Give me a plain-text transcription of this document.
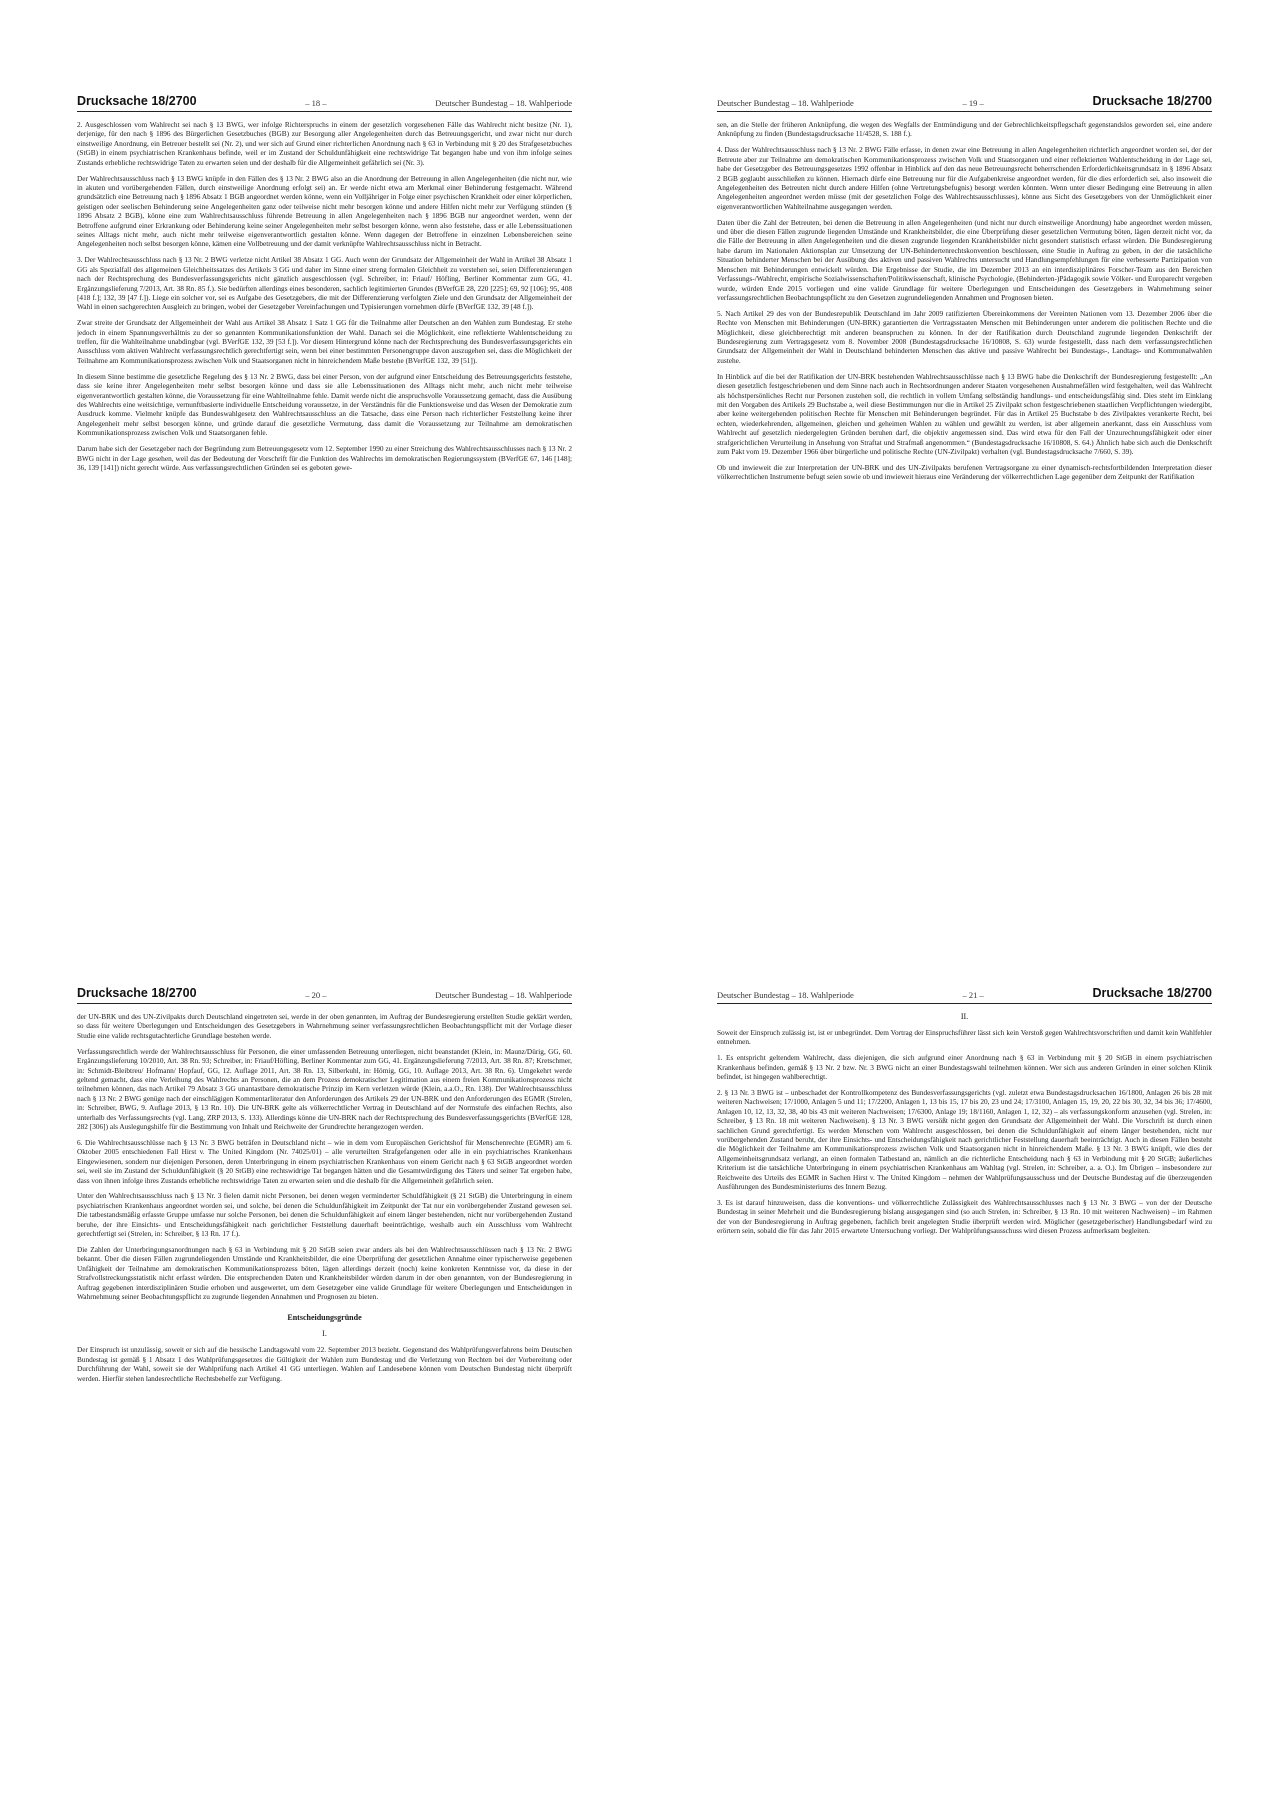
Drucksache 18/2700	– 18 –	Deutscher Bundestag – 18. Wahlperiode

2. Ausgeschlossen vom Wahlrecht sei nach § 13 BWG, wer infolge Richterspruchs in einem der gesetzlich vorgesehenen Fälle das Wahlrecht nicht besitze (Nr. 1), derjenige, für den nach § 1896 des Bürgerlichen Gesetzbuches (BGB) zur Besorgung aller Angelegenheiten durch das Betreuungsgericht, und zwar nicht nur durch einstweilige Anordnung, ein Betreuer bestellt sei (Nr. 2), und wer sich auf Grund einer richterlichen Anordnung nach § 63 in Verbindung mit § 20 des Strafgesetzbuches (StGB) in einem psychiatrischen Krankenhaus befinde, weil er im Zustand der Schuldunfähigkeit eine rechtswidrige Tat begangen habe und von ihm infolge seines Zustands erhebliche rechtswidrige Taten zu erwarten seien und der deshalb für die Allgemeinheit gefährlich sei (Nr. 3).

Der Wahlrechtsausschluss nach § 13 BWG knüpfe in den Fällen des § 13 Nr. 2 BWG also an die Anordnung der Betreuung in allen Angelegenheiten (die nicht nur, wie in akuten und vorübergehenden Fällen, durch einstweilige Anordnung erfolgt sei) an. Er werde nicht etwa am Merkmal einer Behinderung festgemacht. Während grundsätzlich eine Betreuung nach § 1896 Absatz 1 BGB angeordnet werden könne, wenn ein Volljähriger in Folge einer psychischen Krankheit oder einer körperlichen, geistigen oder seelischen Behinderung seine Angelegenheiten ganz oder teilweise nicht mehr besorgen könne und andere Hilfen nicht mehr zur Verfügung stünden (§ 1896 Absatz 2 BGB), könne eine zum Wahlrechtsausschluss führende Betreuung in allen Angelegenheiten nach § 1896 BGB nur angeordnet werden, wenn der Betroffene aufgrund einer Erkrankung oder Behinderung keine seiner Angelegenheiten mehr selbst besorgen könne, wenn also feststehe, dass er alle Lebenssituationen seines Alltags nicht mehr, auch nicht mehr teilweise eigenverantwortlich gestalten könne. Wenn dagegen der Betroffene in einzelnen Lebensbereichen seine Angelegenheiten noch selbst besorgen könne, kämen eine Vollbetreuung und der damit verknüpfte Wahlrechtsausschluss nicht in Betracht.

3. Der Wahlrechtsausschluss nach § 13 Nr. 2 BWG verletze nicht Artikel 38 Absatz 1 GG. Auch wenn der Grundsatz der Allgemeinheit der Wahl in Artikel 38 Absatz 1 GG als Spezialfall des allgemeinen Gleichheitssatzes des Artikels 3 GG und daher im Sinne einer streng formalen Gleichheit zu verstehen sei, seien Differenzierungen nach der Rechtsprechung des Bundesverfassungsgerichts nicht gänzlich ausgeschlossen (vgl. Schreiber, in: Friauf/ Höfling, Berliner Kommentar zum GG, 41. Ergänzungslieferung 7/2013, Art. 38 Rn. 85 f.). Sie bedürften allerdings eines besonderen, sachlich legitimierten Grundes (BVerfGE 28, 220 [225]; 69, 92 [106]; 95, 408 [418 f.]; 132, 39 [47 f.]). Liege ein solcher vor, sei es Aufgabe des Gesetzgebers, die mit der Differenzierung verfolgten Ziele und den Grundsatz der Allgemeinheit der Wahl in einen sachgerechten Ausgleich zu bringen, wobei der Gesetzgeber Vereinfachungen und Typisierungen vornehmen dürfe (BVerfGE 132, 39 [48 f.]).

Zwar streite der Grundsatz der Allgemeinheit der Wahl aus Artikel 38 Absatz 1 Satz 1 GG für die Teilnahme aller Deutschen an den Wahlen zum Bundestag. Er stehe jedoch in einem Spannungsverhältnis zu der so genannten Kommunikationsfunktion der Wahl. Danach sei die Möglichkeit, eine reflektierte Wahlentscheidung zu treffen, für die Wahlteilnahme unabdingbar (vgl. BVerfGE 132, 39 [53 f.]). Vor diesem Hintergrund könne nach der Rechtsprechung des Bundesverfassungsgerichts ein Ausschluss vom aktiven Wahlrecht verfassungsrechtlich gerechtfertigt sein, wenn bei einer bestimmten Personengruppe davon auszugehen sei, dass die Möglichkeit der Teilnahme am Kommunikationsprozess zwischen Volk und Staatsorganen nicht in hinreichendem Maße bestehe (BVerfGE 132, 39 [51]).

In diesem Sinne bestimme die gesetzliche Regelung des § 13 Nr. 2 BWG, dass bei einer Person, von der aufgrund einer Entscheidung des Betreuungsgerichts feststehe, dass sie keine ihrer Angelegenheiten mehr selbst besorgen könne und dass sie alle Lebenssituationen des Alltags nicht mehr, auch nicht mehr teilweise eigenverantwortlich gestalten könne, die Voraussetzung für eine Wahlteilnahme fehle. Damit werde nicht die anspruchsvolle Voraussetzung gemacht, dass die Ausübung des Wahlrechts eine weitsichtige, vernunftbasierte individuelle Entscheidung voraussetze, in der Verständnis für die Funktionsweise und das Wesen der Demokratie zum Ausdruck komme. Vielmehr knüpfe das Bundeswahlgesetz den Wahlrechtsausschluss an die Tatsache, dass eine Person nach richterlicher Feststellung keine ihrer Angelegenheit mehr selbst besorgen könne, und gründe darauf die gesetzliche Vermutung, dass damit die Voraussetzung zur Teilnahme am demokratischen Kommunikationsprozess zwischen Volk und Staatsorganen fehle.

Darum habe sich der Gesetzgeber nach der Begründung zum Betreuungsgesetz vom 12. September 1990 zu einer Streichung des Wahlrechtsausschlusses nach § 13 Nr. 2 BWG nicht in der Lage gesehen, weil das der Bedeutung der Vorschrift für die Funktion des Wahlrechts im demokratischen Regierungssystem (BVerfGE 67, 146 [148]; 36, 139 [141]) nicht gerecht würde. Aus verfassungsrechtlichen Gründen sei es geboten gewe-

Deutscher Bundestag – 18. Wahlperiode	– 19 –	Drucksache 18/2700

sen, an die Stelle der früheren Anknüpfung, die wegen des Wegfalls der Entmündigung und der Gebrechlichkeitspflegschaft gegenstandslos geworden sei, eine andere Anknüpfung zu finden (Bundestagsdrucksache 11/4528, S. 188 f.).

4. Dass der Wahlrechtsausschluss nach § 13 Nr. 2 BWG Fälle erfasse, in denen zwar eine Betreuung in allen Angelegenheiten richterlich angeordnet worden sei, der der Betreute aber zur Teilnahme am demokratischen Kommunikationsprozess zwischen Volk und Staatsorganen und einer reflektierten Wahlentscheidung in der Lage sei, habe der Gesetzgeber des Betreuungsgesetzes 1992 offenbar in Hinblick auf den das neue Betreuungsrecht beherrschenden Erforderlichkeitsgrundsatz in § 1896 Absatz 2 BGB geglaubt ausschließen zu können. Hiernach dürfe eine Betreuung nur für die Aufgabenkreise angeordnet werden, für die dies erforderlich sei, also insoweit die Angelegenheiten des Betreuten nicht durch andere Hilfen (ohne Vertretungsbefugnis) besorgt werden könnten. Wenn unter dieser Bedingung eine Betreuung in allen Angelegenheiten angeordnet werden müsse (mit der gesetzlichen Folge des Wahlrechtsausschlusses), könne aus Sicht des Gesetzgebers von der Unmöglichkeit einer eigenverantwortlichen Wahlteilnahme ausgegangen werden.

Daten über die Zahl der Betreuten, bei denen die Betreuung in allen Angelegenheiten (und nicht nur durch einstweilige Anordnung) habe angeordnet werden müssen, und über die diesen Fällen zugrunde liegenden Umstände und Krankheitsbilder, die eine Überprüfung dieser gesetzlichen Vermutung böten, lägen derzeit nicht vor, da die Fälle der Betreuung in allen Angelegenheiten und die diesen zugrunde liegenden Krankheitsbilder nicht gesondert statistisch erfasst würden. Die Bundesregierung habe darum im Nationalen Aktionsplan zur Umsetzung der UN-Behindertenrechtskonvention beschlossen, eine Studie in Auftrag zu geben, in der die tatsächliche Situation behinderter Menschen bei der Ausübung des aktiven und passiven Wahlrechts untersucht und Handlungsempfehlungen für eine verbesserte Partizipation von Menschen mit Behinderungen entwickelt würden. Die Ergebnisse der Studie, die im Dezember 2013 an ein interdisziplinäres Forscher-Team aus den Bereichen Verfassungs-/Wahlrecht, empirische Sozialwissenschaften/Politikwissenschaft, klinische Psychologie, (Behinderten-)Pädagogik sowie Völker- und Europarecht vergeben wurde, würden Ende 2015 vorliegen und eine valide Grundlage für weitere Überlegungen und Entscheidungen des Gesetzgebers in Wahrnehmung seiner verfassungsrechtlichen Beobachtungspflicht zu den Gesetzen zugrundeliegenden Annahmen und Prognosen bieten.

5. Nach Artikel 29 des von der Bundesrepublik Deutschland im Jahr 2009 ratifizierten Übereinkommens der Vereinten Nationen vom 13. Dezember 2006 über die Rechte von Menschen mit Behinderungen (UN-BRK) garantierten die Vertragsstaaten Menschen mit Behinderungen unter anderem die politischen Rechte und die Möglichkeit, diese gleichberechtigt mit anderen beanspruchen zu können. In der der Ratifikation durch Deutschland zugrunde liegenden Denkschrift der Bundesregierung zum Vertragsgesetz vom 8. November 2008 (Bundestagsdrucksache 16/10808, S. 63) wurde festgestellt, dass nach dem verfassungsrechtlichen Grundsatz der Allgemeinheit der Wahl in Deutschland behinderten Menschen das aktive und passive Wahlrecht bei Bundestags-, Landtags- und Kommunalwahlen zustehe.

In Hinblick auf die bei der Ratifikation der UN-BRK bestehenden Wahlrechtsausschlüsse nach § 13 BWG habe die Denkschrift der Bundesregierung festgestellt: „An diesen gesetzlich festgeschriebenen und dem Sinne nach auch in Rechtsordnungen anderer Staaten vorgesehenen Ausnahmefällen wird festgehalten, weil das Wahlrecht als höchstpersönliches Recht nur Personen zustehen soll, die rechtlich in vollem Umfang selbständig handlungs- und entscheidungsfähig sind. Dies steht im Einklang mit den Vorgaben des Artikels 29 Buchstabe a, weil diese Bestimmungen nur die in Artikel 25 Zivilpakt schon festgeschriebenen staatlichen Verpflichtungen wiedergibt, aber keine weitergehenden politischen Rechte für Menschen mit Behinderungen begründet. Für das in Artikel 25 Buchstabe b des Zivilpaktes verankerte Recht, bei echten, wiederkehrenden, allgemeinen, gleichen und geheimen Wahlen zu wählen und gewählt zu werden, ist aber allgemein anerkannt, dass ein Ausschluss vom Wahlrecht auf gesetzlich niedergelegten Gründen beruhen darf, die objektiv angemessen sind. Das wird etwa für den Fall der Unzurechnungsfähigkeit oder einer strafgerichtlichen Verurteilung in Ansehung von Straftat und Strafmaß angenommen.“ (Bundestagsdrucksache 16/10808, S. 64.) Ähnlich habe sich auch die Denkschrift zum Pakt vom 19. Dezember 1966 über bürgerliche und politische Rechte (UN-Zivilpakt) verhalten (vgl. Bundestagsdrucksache 7/660, S. 39).

Ob und inwieweit die zur Interpretation der UN-BRK und des UN-Zivilpakts berufenen Vertragsorgane zu einer dynamisch-rechtsfortbildenden Interpretation dieser völkerrechtlichen Instrumente befugt seien sowie ob und inwieweit hieraus eine Veränderung der völkerrechtlichen Lage gegenüber dem Zeitpunkt der Ratifikation

Drucksache 18/2700	– 20 –	Deutscher Bundestag – 18. Wahlperiode

der UN-BRK und des UN-Zivilpakts durch Deutschland eingetreten sei, werde in der oben genannten, im Auftrag der Bundesregierung erstellten Studie geklärt werden, so dass für weitere Überlegungen und Entscheidungen des Gesetzgebers in Wahrnehmung seiner verfassungsrechtlichen Beobachtungspflicht mit der Vorlage dieser Studie eine valide rechtsgutachterliche Grundlage bestehen werde.

Verfassungsrechtlich werde der Wahlrechtsausschluss für Personen, die einer umfassenden Betreuung unterliegen, nicht beanstandet (Klein, in: Maunz/Dürig, GG, 60. Ergänzungslieferung 10/2010, Art. 38 Rn. 93; Schreiber, in: Friauf/Höfling, Berliner Kommentar zum GG, 41. Ergänzungslieferung 7/2013, Art. 38 Rn. 87; Kretschmer, in: Schmidt-Bleibtreu/ Hofmann/ Hopfauf, GG, 12. Auflage 2011, Art. 38 Rn. 13, Silberkuhl, in: Hömig, GG, 10. Auflage 2013, Art. 38 Rn. 6). Umgekehrt werde geltend gemacht, dass eine Verleihung des Wahlrechts an Personen, die an dem Prozess demokratischer Legitimation aus einem freien Kommunikationsprozess nicht teilnehmen können, das nach Artikel 79 Absatz 3 GG unantastbare demokratische Prinzip im Kern verletzen würde (Klein, a.a.O., Rn. 138). Der Wahlrechtsausschluss nach § 13 Nr. 2 BWG genüge nach der einschlägigen Kommentarliteratur den Anforderungen des Artikels 29 der UN-BRK und den Anforderungen des EGMR (Strelen, in: Schreiber, BWG, 9. Auflage 2013, § 13 Rn. 10). Die UN-BRK gelte als völkerrechtlicher Vertrag in Deutschland auf der Normstufe des einfachen Rechts, also unterhalb des Verfassungsrechts (vgl. Lang, ZRP 2013, S. 133). Allerdings könne die UN-BRK nach der Rechtsprechung des Bundesverfassungsgerichts (BVerfGE 128, 282 [306]) als Auslegungshilfe für die Bestimmung von Inhalt und Reichweite der Grundrechte herangezogen werden.

6. Die Wahlrechtsausschlüsse nach § 13 Nr. 3 BWG beträfen in Deutschland nicht – wie in dem vom Europäischen Gerichtshof für Menschenrechte (EGMR) am 6. Oktober 2005 entschiedenen Fall Hirst v. The United Kingdom (Nr. 74025/01) – alle verurteilten Strafgefangenen oder alle in ein psychiatrisches Krankenhaus Eingewiesenen, sondern nur diejenigen Personen, deren Unterbringung in einem psychiatrischen Krankenhaus von einem Gericht nach § 63 StGB angeordnet worden sei, weil sie im Zustand der Schuldunfähigkeit (§ 20 StGB) eine rechtswidrige Tat begangen hätten und die Gesamtwürdigung des Täters und seiner Tat ergeben habe, dass von ihnen infolge ihres Zustands erhebliche rechtswidrige Taten zu erwarten seien und die deshalb für die Allgemeinheit gefährlich seien.

Unter den Wahlrechtsausschluss nach § 13 Nr. 3 fielen damit nicht Personen, bei denen wegen verminderter Schuldfähigkeit (§ 21 StGB) die Unterbringung in einem psychiatrischen Krankenhaus angeordnet worden sei, und solche, bei denen die Schuldunfähigkeit im Zeitpunkt der Tat nur ein vorübergehender Zustand gewesen sei. Die tatbestandsmäßig erfasste Gruppe umfasse nur solche Personen, bei denen die Schuldunfähigkeit auf einem länger bestehenden, nicht nur vorübergehenden Zustand beruhe, der ihre Einsichts- und Entscheidungsfähigkeit nach gerichtlicher Feststellung dauerhaft beeinträchtige, weshalb auch ein Ausschluss vom Wahlrecht gerechtfertigt sei (Strelen, in: Schreiber, § 13 Rn. 17 f.).

Die Zahlen der Unterbringungsanordnungen nach § 63 in Verbindung mit § 20 StGB seien zwar anders als bei den Wahlrechtsausschlüssen nach § 13 Nr. 2 BWG bekannt. Über die diesen Fällen zugrundeliegenden Umstände und Krankheitsbilder, die eine Überprüfung der gesetzlichen Annahme einer typischerweise gegebenen Unfähigkeit der Teilnahme am demokratischen Kommunikationsprozess böten, lägen allerdings derzeit (noch) keine konkreten Kenntnisse vor, da diese in der Strafvollstreckungsstatistik nicht erfasst würden. Die entsprechenden Daten und Krankheitsbilder würden darum in der oben genannten, von der Bundesregierung in Auftrag gegebenen interdisziplinären Studie erhoben und ausgewertet, um dem Gesetzgeber eine valide Grundlage für weitere Überlegungen und Entscheidungen in Wahrnehmung seiner Beobachtungspflicht zu zugrunde liegenden Annahmen und Prognosen zu bieten.

Entscheidungsgründe
I.

Der Einspruch ist unzulässig, soweit er sich auf die hessische Landtagswahl vom 22. September 2013 bezieht. Gegenstand des Wahlprüfungsverfahrens beim Deutschen Bundestag ist gemäß § 1 Absatz 1 des Wahlprüfungsgesetzes die Gültigkeit der Wahlen zum Bundestag und die Verletzung von Rechten bei der Vorbereitung oder Durchführung der Wahl, soweit sie der Wahlprüfung nach Artikel 41 GG unterliegen. Wahlen auf Landesebene können vom Deutschen Bundestag nicht überprüft werden. Hierfür stehen landesrechtliche Rechtsbehelfe zur Verfügung.

Deutscher Bundestag – 18. Wahlperiode	– 21 –	Drucksache 18/2700
II.

Soweit der Einspruch zulässig ist, ist er unbegründet. Dem Vortrag der Einspruchsführer lässt sich kein Verstoß gegen Wahlrechtsvorschriften und damit kein Wahlfehler entnehmen.

1. Es entspricht geltendem Wahlrecht, dass diejenigen, die sich aufgrund einer Anordnung nach § 63 in Verbindung mit § 20 StGB in einem psychiatrischen Krankenhaus befinden, gemäß § 13 Nr. 2 bzw. Nr. 3 BWG nicht an einer Bundestagswahl teilnehmen können. Wer sich aus anderen Gründen in einer solchen Klinik befindet, ist hingegen wahlberechtigt.

2. § 13 Nr. 3 BWG ist – unbeschadet der Kontrollkompetenz des Bundesverfassungsgerichts (vgl. zuletzt etwa Bundestagsdrucksachen 16/1800, Anlagen 26 bis 28 mit weiteren Nachweisen; 17/1000, Anlagen 5 und 11; 17/2200, Anlagen 1, 13 bis 15, 17 bis 20, 23 und 24; 17/3100, Anlagen 15, 19, 20, 22 bis 30, 32, 34 bis 36; 17/4600, Anlagen 10, 12, 13, 32, 38, 40 bis 43 mit weiteren Nachweisen; 17/6300, Anlage 19; 18/1160, Anlagen 1, 12, 32) – als verfassungskonform anzusehen (vgl. Strelen, in: Schreiber, § 13 Rn. 18 mit weiteren Nachweisen). § 13 Nr. 3 BWG versößt nicht gegen den Grundsatz der Allgemeinheit der Wahl. Die Vorschrift ist durch einen sachlichen Grund gerechtfertigt. Es werden Menschen vom Wahlrecht ausgeschlossen, bei denen die Schuldunfähigkeit auf einem länger bestehenden, nicht nur vorübergehenden Zustand beruht, der ihre Einsichts- und Entscheidungsfähigkeit nach gerichtlicher Feststellung dauerhaft beeinträchtigt. Auch in diesen Fällen besteht die Möglichkeit der Teilnahme am Kommunikationsprozess zwischen Volk und Staatsorganen nicht in hinreichendem Maße. § 13 Nr. 3 BWG knüpft, wie dies der Allgemeinheitsgrundsatz verlangt, an einen formalen Tatbestand an, nämlich an die richterliche Entscheidung nach § 63 in Verbindung mit § 20 StGB; äußerliches Kriterium ist die tatsächliche Unterbringung in einem psychiatrischen Krankenhaus am Wahltag (vgl. Strelen, in: Schreiber, a. a. O.). Im Übrigen – insbesondere zur Reichweite des Urteils des EGMR in Sachen Hirst v. The United Kingdom – nehmen der Wahlprüfungsausschuss und der Deutsche Bundestag auf die überzeugenden Ausführungen des Bundesministeriums des Innern Bezug.

3. Es ist darauf hinzuweisen, dass die konventions- und völkerrechtliche Zulässigkeit des Wahlrechtsausschlusses nach § 13 Nr. 3 BWG – von der der Deutsche Bundestag in seiner Mehrheit und die Bundesregierung bislang ausgegangen sind (so auch Strelen, in: Schreiber, § 13 Rn. 10 mit weiteren Nachweisen) – im Rahmen der von der Bundesregierung in Auftrag gegebenen, fachlich breit angelegten Studie überprüft werden wird. Möglicher (gesetzgeberischer) Handlungsbedarf wird zu erörtern sein, sobald die für das Jahr 2015 erwartete Untersuchung vorliegt. Der Wahlprüfungsausschuss wird diesen Prozess aufmerksam begleiten.
